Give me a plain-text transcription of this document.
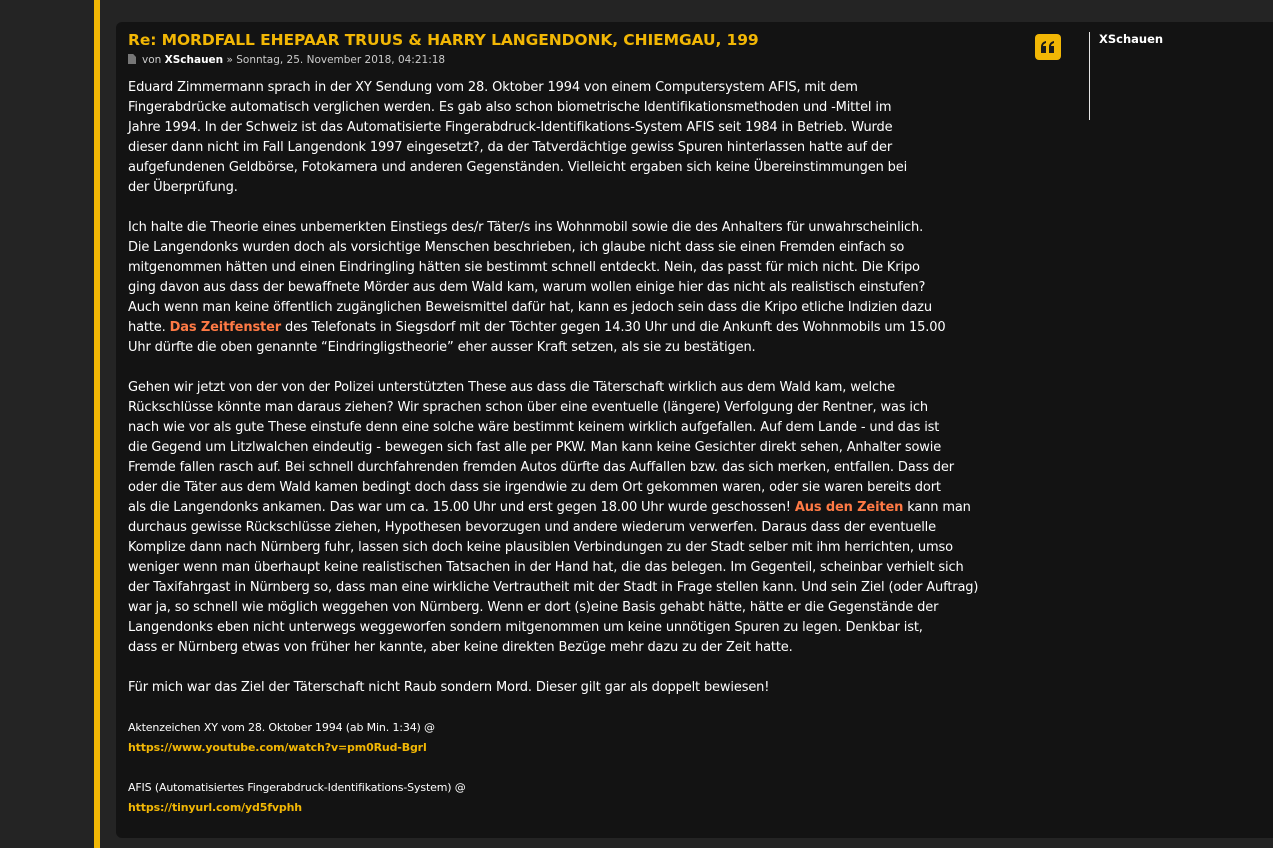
Re: MORDFALL EHEPAAR TRUUS & HARRY LANGENDONK, CHIEMGAU, 199
von XSchauen » Sonntag, 25. November 2018, 04:21:18

Eduard Zimmermann sprach in der XY Sendung vom 28. Oktober 1994 von einem Computersystem AFIS, mit dem
Fingerabdrücke automatisch verglichen werden. Es gab also schon biometrische Identifikationsmethoden und -Mittel im
Jahre 1994. In der Schweiz ist das Automatisierte Fingerabdruck-Identifikations-System AFIS seit 1984 in Betrieb. Wurde
dieser dann nicht im Fall Langendonk 1997 eingesetzt?, da der Tatverdächtige gewiss Spuren hinterlassen hatte auf der
aufgefundenen Geldbörse, Fotokamera und anderen Gegenständen. Vielleicht ergaben sich keine Übereinstimmungen bei
der Überprüfung.

Ich halte die Theorie eines unbemerkten Einstiegs des/r Täter/s ins Wohnmobil sowie die des Anhalters für unwahrscheinlich.
Die Langendonks wurden doch als vorsichtige Menschen beschrieben, ich glaube nicht dass sie einen Fremden einfach so
mitgenommen hätten und einen Eindringling hätten sie bestimmt schnell entdeckt. Nein, das passt für mich nicht. Die Kripo
ging davon aus dass der bewaffnete Mörder aus dem Wald kam, warum wollen einige hier das nicht als realistisch einstufen?
Auch wenn man keine öffentlich zugänglichen Beweismittel dafür hat, kann es jedoch sein dass die Kripo etliche Indizien dazu
hatte. Das Zeitfenster des Telefonats in Siegsdorf mit der Töchter gegen 14.30 Uhr und die Ankunft des Wohnmobils um 15.00
Uhr dürfte die oben genannte “Eindringligstheorie” eher ausser Kraft setzen, als sie zu bestätigen.

Gehen wir jetzt von der von der Polizei unterstützten These aus dass die Täterschaft wirklich aus dem Wald kam, welche
Rückschlüsse könnte man daraus ziehen? Wir sprachen schon über eine eventuelle (längere) Verfolgung der Rentner, was ich
nach wie vor als gute These einstufe denn eine solche wäre bestimmt keinem wirklich aufgefallen. Auf dem Lande - und das ist
die Gegend um Litzlwalchen eindeutig - bewegen sich fast alle per PKW. Man kann keine Gesichter direkt sehen, Anhalter sowie
Fremde fallen rasch auf. Bei schnell durchfahrenden fremden Autos dürfte das Auffallen bzw. das sich merken, entfallen. Dass der
oder die Täter aus dem Wald kamen bedingt doch dass sie irgendwie zu dem Ort gekommen waren, oder sie waren bereits dort
als die Langendonks ankamen. Das war um ca. 15.00 Uhr und erst gegen 18.00 Uhr wurde geschossen! Aus den Zeiten kann man
durchaus gewisse Rückschlüsse ziehen, Hypothesen bevorzugen und andere wiederum verwerfen. Daraus dass der eventuelle
Komplize dann nach Nürnberg fuhr, lassen sich doch keine plausiblen Verbindungen zu der Stadt selber mit ihm herrichten, umso
weniger wenn man überhaupt keine realistischen Tatsachen in der Hand hat, die das belegen. Im Gegenteil, scheinbar verhielt sich
der Taxifahrgast in Nürnberg so, dass man eine wirkliche Vertrautheit mit der Stadt in Frage stellen kann. Und sein Ziel (oder Auftrag)
war ja, so schnell wie möglich weggehen von Nürnberg. Wenn er dort (s)eine Basis gehabt hätte, hätte er die Gegenstände der
Langendonks eben nicht unterwegs weggeworfen sondern mitgenommen um keine unnötigen Spuren zu legen. Denkbar ist,
dass er Nürnberg etwas von früher her kannte, aber keine direkten Bezüge mehr dazu zu der Zeit hatte.

Für mich war das Ziel der Täterschaft nicht Raub sondern Mord. Dieser gilt gar als doppelt bewiesen!

Aktenzeichen XY vom 28. Oktober 1994 (ab Min. 1:34) @
https://www.youtube.com/watch?v=pm0Rud-Bgrl
AFIS (Automatisiertes Fingerabdruck-Identifikations-System) @
https://tinyurl.com/yd5fvphh
XSchauen
